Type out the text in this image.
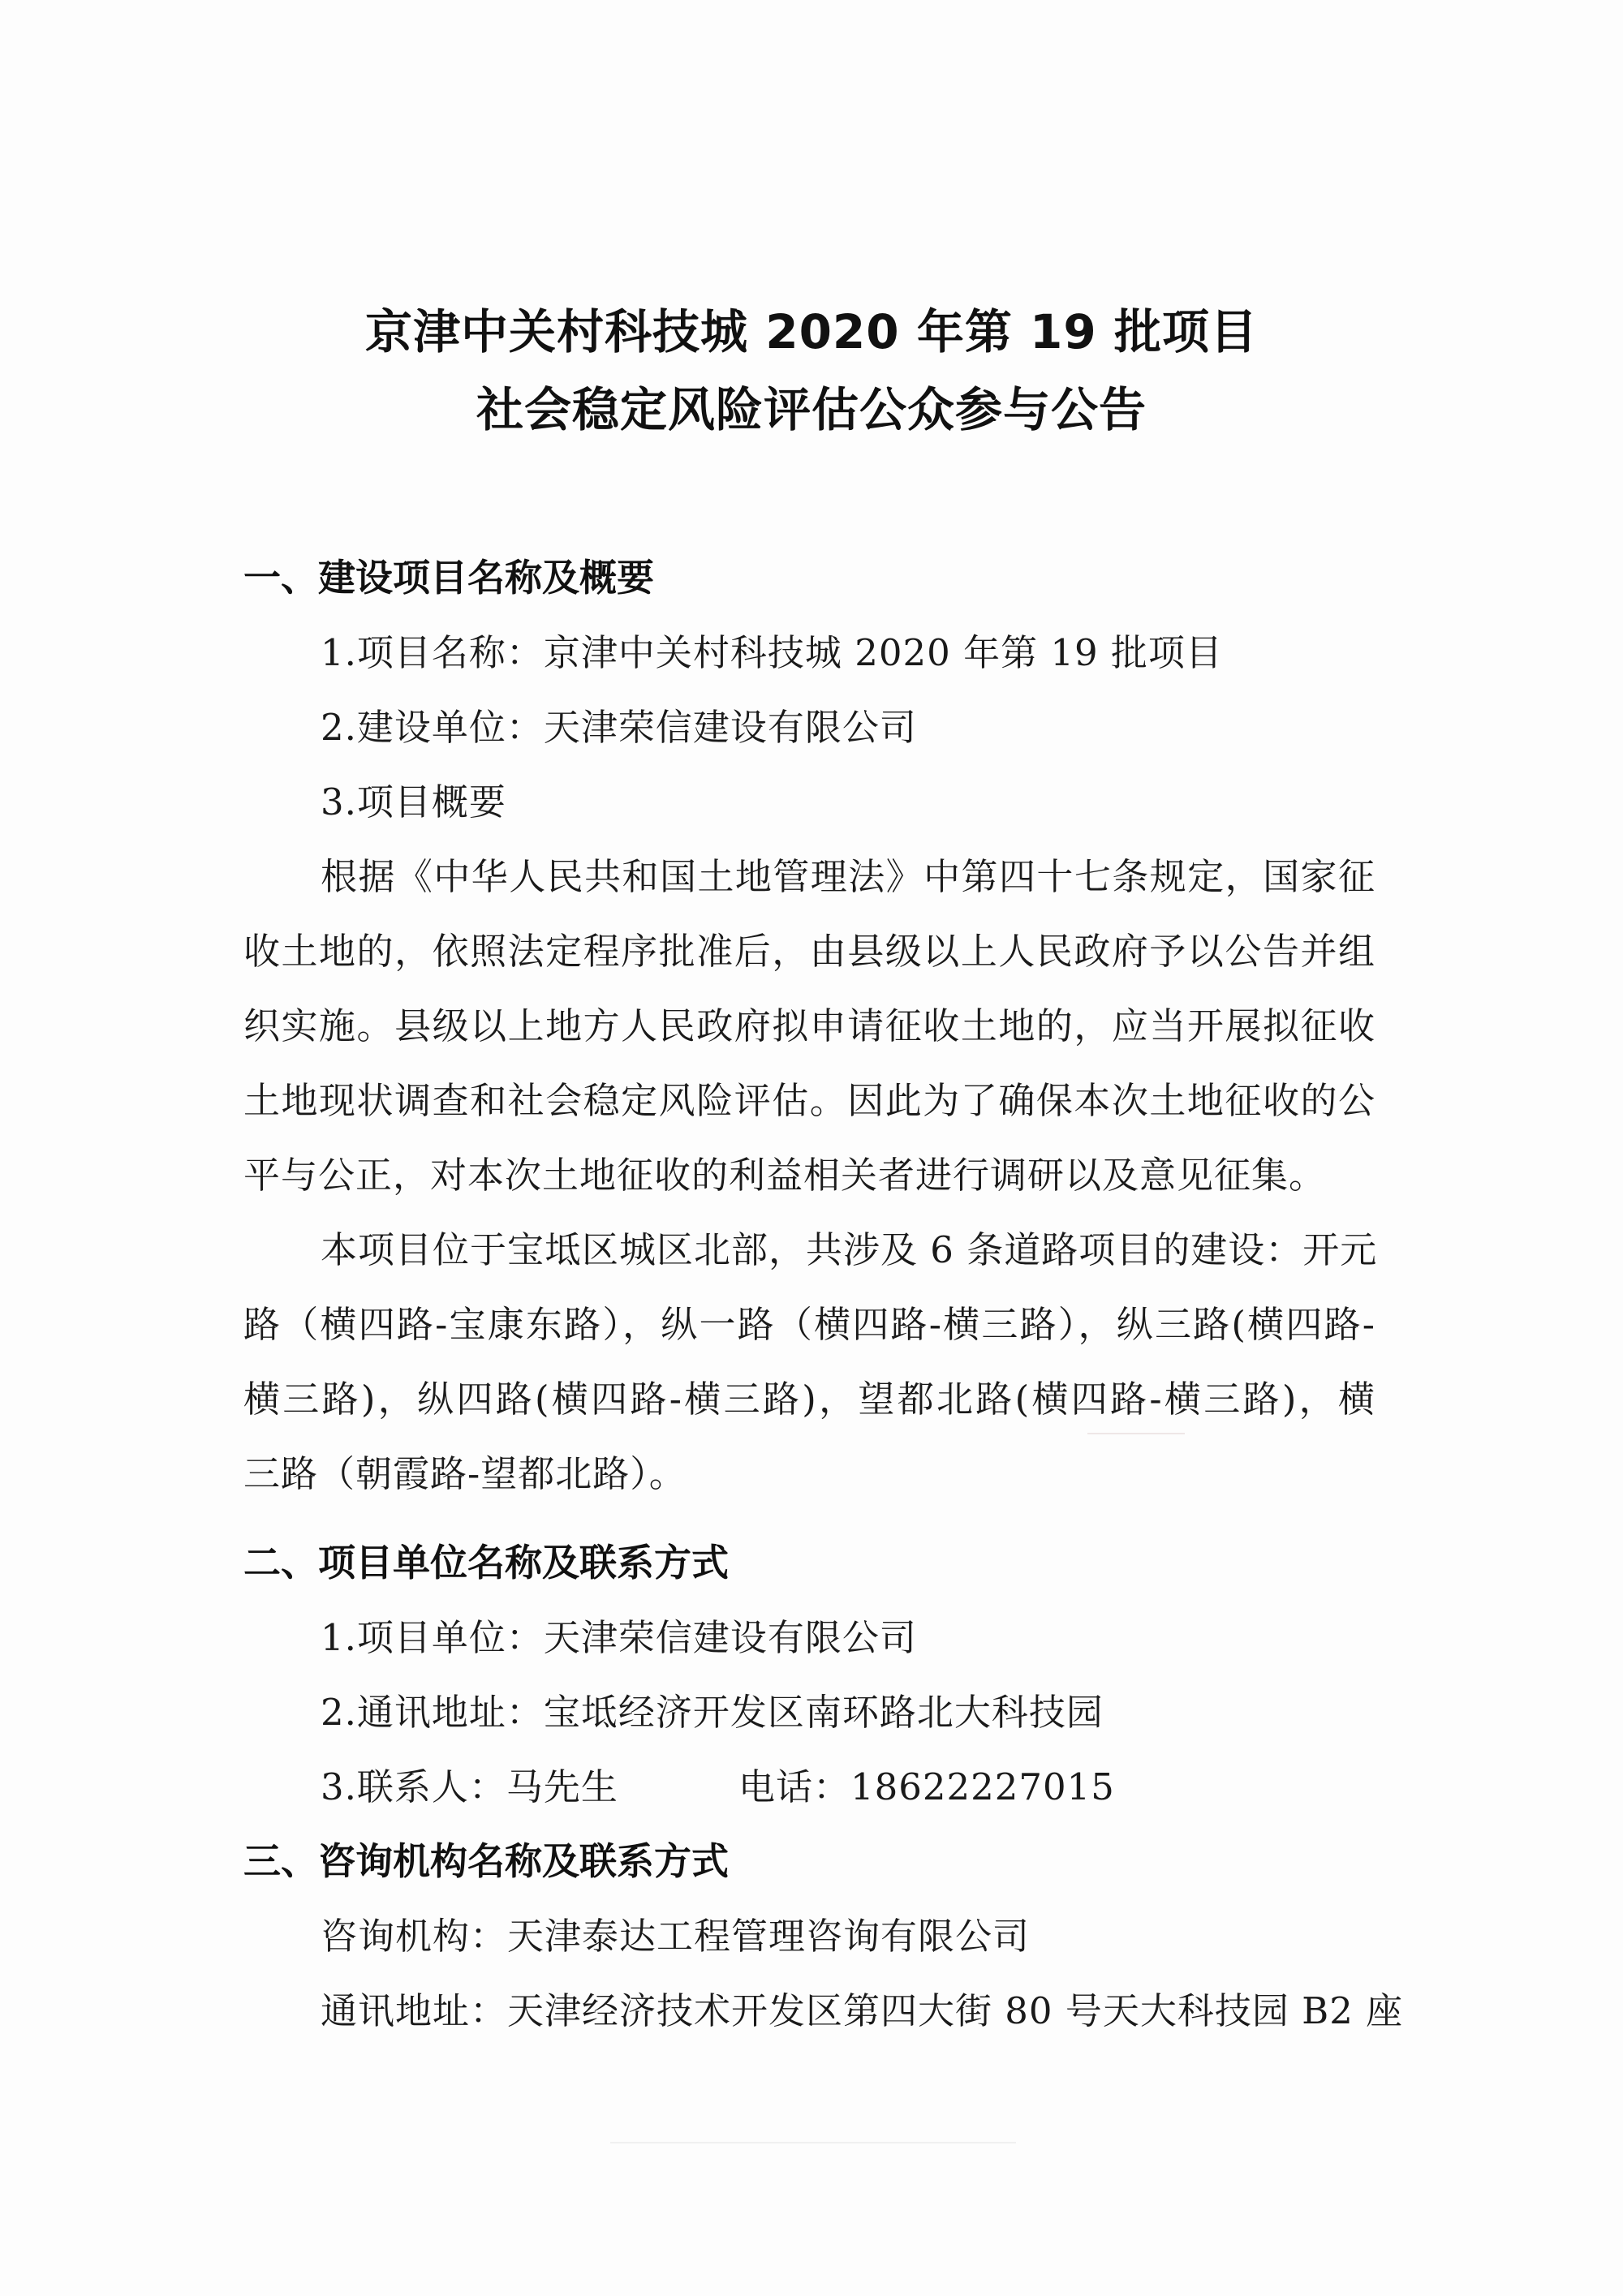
京津中关村科技城 2020 年第 19 批项目
社会稳定风险评估公众参与公告
一、建设项目名称及概要
1.项目名称：京津中关村科技城 2020 年第 19 批项目
2.建设单位：天津荣信建设有限公司
3.项目概要
根据《中华人民共和国土地管理法》中第四十七条规定，国家征
收土地的，依照法定程序批准后，由县级以上人民政府予以公告并组
织实施。县级以上地方人民政府拟申请征收土地的，应当开展拟征收
土地现状调查和社会稳定风险评估。因此为了确保本次土地征收的公
平与公正，对本次土地征收的利益相关者进行调研以及意见征集。
本项目位于宝坻区城区北部，共涉及 6 条道路项目的建设：开元
路（横四路-宝康东路），纵一路（横四路-横三路），纵三路(横四路-
横三路)，纵四路(横四路-横三路)，望都北路(横四路-横三路)，横
三路（朝霞路-望都北路）。
二、项目单位名称及联系方式
1.项目单位：天津荣信建设有限公司
2.通讯地址：宝坻经济开发区南环路北大科技园
3.联系人：马先生	电话：18622227015
三、咨询机构名称及联系方式
咨询机构：天津泰达工程管理咨询有限公司
通讯地址：天津经济技术开发区第四大街 80 号天大科技园 B2 座
